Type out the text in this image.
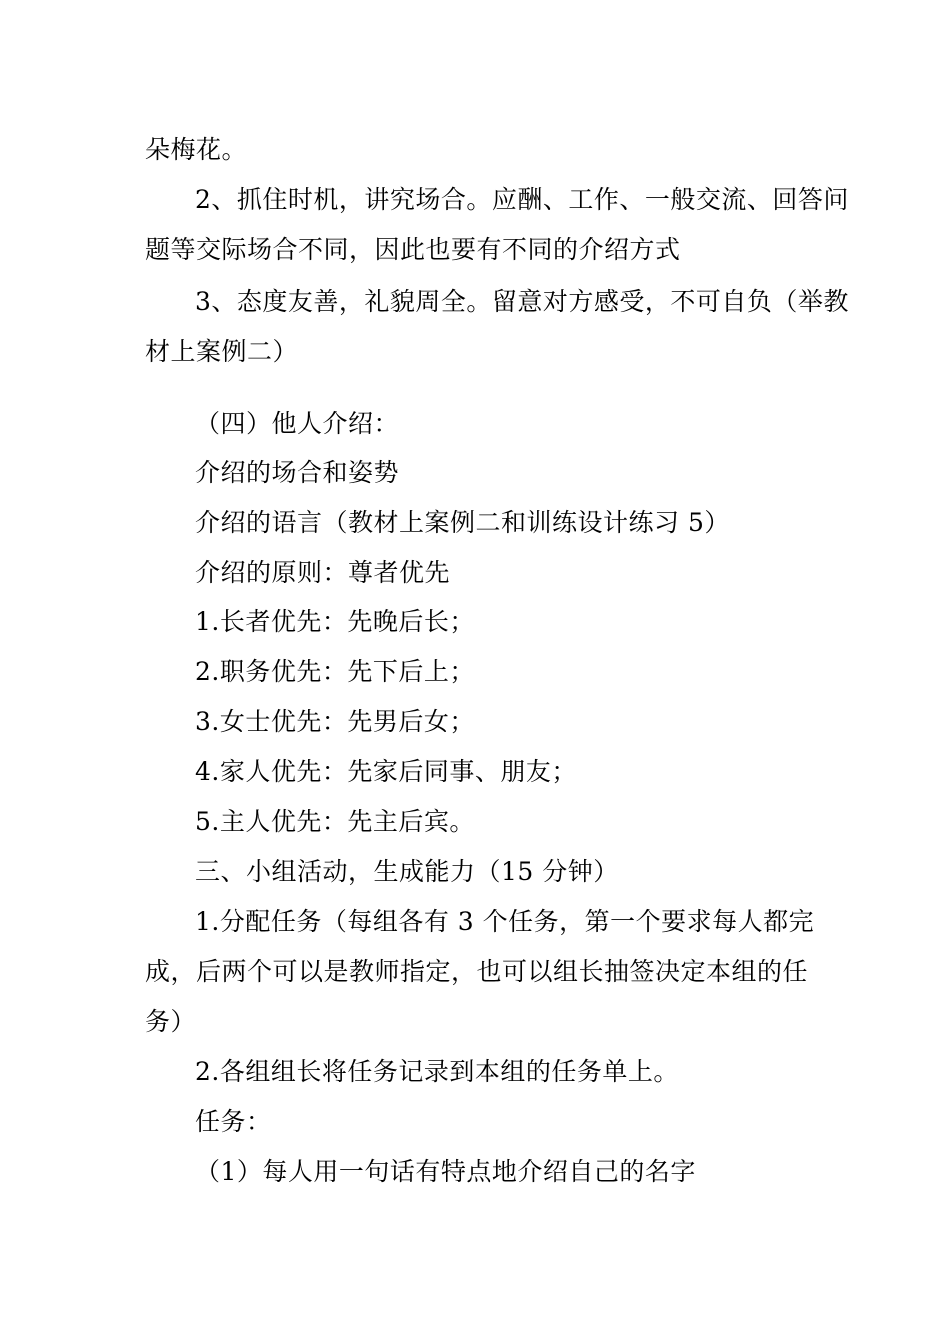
朵梅花。
2、抓住时机，讲究场合。应酬、工作、一般交流、回答问
题等交际场合不同，因此也要有不同的介绍方式
3、态度友善，礼貌周全。留意对方感受，不可自负（举教
材上案例二）
（四）他人介绍：
介绍的场合和姿势
介绍的语言（教材上案例二和训练设计练习 5）
介绍的原则：尊者优先
1.长者优先：先晚后长；
2.职务优先：先下后上；
3.女士优先：先男后女；
4.家人优先：先家后同事、朋友；
5.主人优先：先主后宾。
三、小组活动，生成能力（15 分钟）
1.分配任务（每组各有 3 个任务，第一个要求每人都完
成，后两个可以是教师指定，也可以组长抽签决定本组的任
务）
2.各组组长将任务记录到本组的任务单上。
任务：
（1）每人用一句话有特点地介绍自己的名字
